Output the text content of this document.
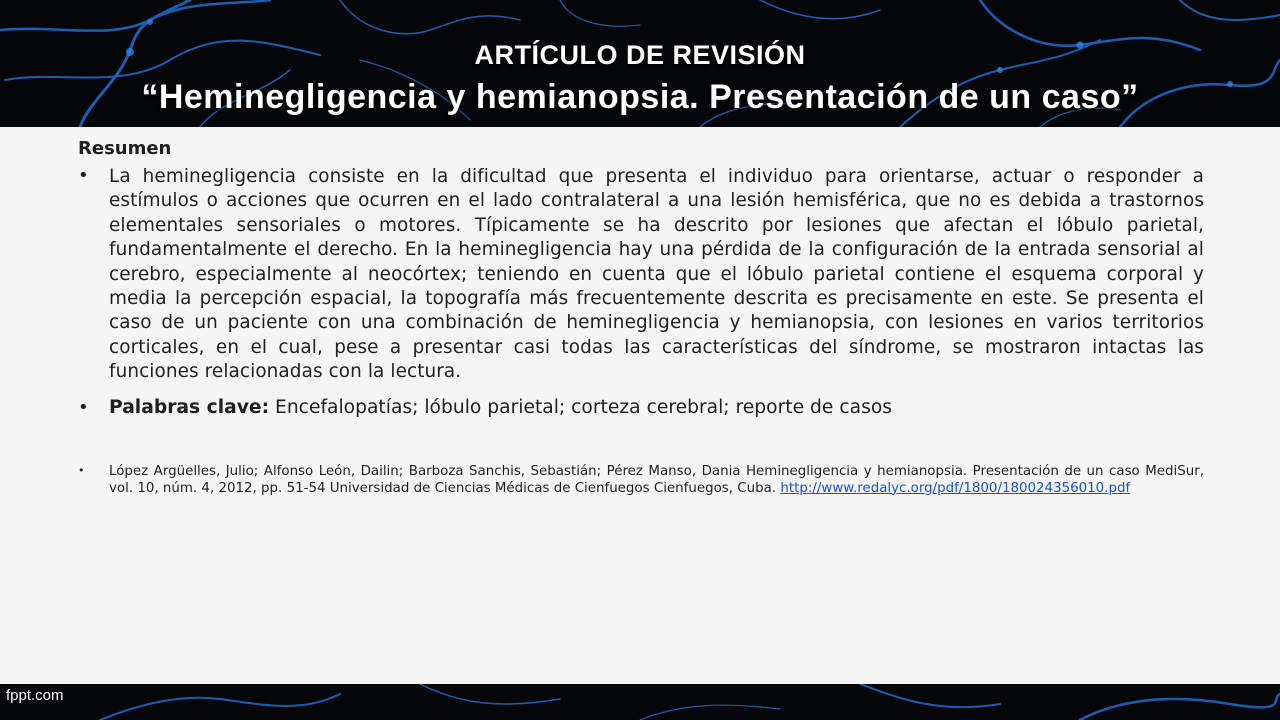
ARTÍCULO DE REVISIÓN
“Heminegligencia y hemianopsia. Presentación de un caso”

Resumen

• La heminegligencia consiste en la dificultad que presenta el individuo para orientarse, actuar o responder a estímulos o acciones que ocurren en el lado contralateral a una lesión hemisférica, que no es debida a trastornos elementales sensoriales o motores. Típicamente se ha descrito por lesiones que afectan el lóbulo parietal, fundamentalmente el derecho. En la heminegligencia hay una pérdida de la configuración de la entrada sensorial al cerebro, especialmente al neocórtex; teniendo en cuenta que el lóbulo parietal contiene el esquema corporal y media la percepción espacial, la topografía más frecuentemente descrita es precisamente en este. Se presenta el caso de un paciente con una combinación de heminegligencia y hemianopsia, con lesiones en varios territorios corticales, en el cual, pese a presentar casi todas las características del síndrome, se mostraron intactas las funciones relacionadas con la lectura.

• Palabras clave: Encefalopatías; lóbulo parietal; corteza cerebral; reporte de casos
• López Argüelles, Julio; Alfonso León, Dailin; Barboza Sanchis, Sebastián; Pérez Manso, Dania Heminegligencia y hemianopsia. Presentación de un caso MediSur, vol. 10, núm. 4, 2012, pp. 51-54 Universidad de Ciencias Médicas de Cienfuegos Cienfuegos, Cuba. http://www.redalyc.org/pdf/1800/180024356010.pdf

fppt.com
